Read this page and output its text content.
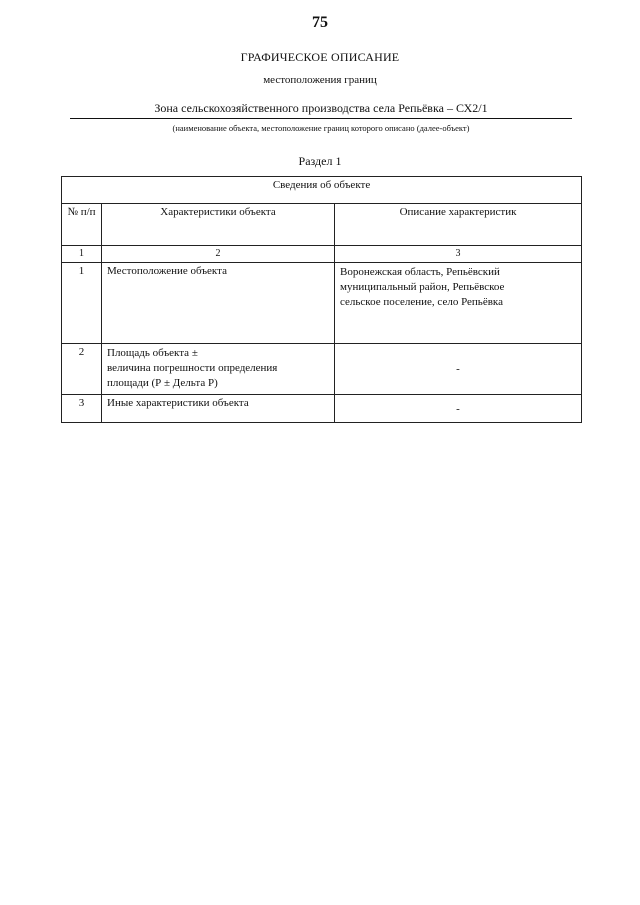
75
ГРАФИЧЕСКОЕ ОПИСАНИЕ
местоположения границ
Зона сельскохозяйственного производства села Репьёвка – СХ2/1
(наименование объекта, местоположение границ которого описано (далее-объект)
Раздел 1
Сведения об объекте		
№ п/п	Характеристики объекта	Описание характеристик
1	2	3
1	Местоположение объекта	Воронежская область, Репьёвский
муниципальный район, Репьёвское
сельское поселение, село Репьёвка

2	Площадь объекта ±
величина погрешности определения
площади (Р ± Дельта Р)	-
3	Иные характеристики объекта	-
